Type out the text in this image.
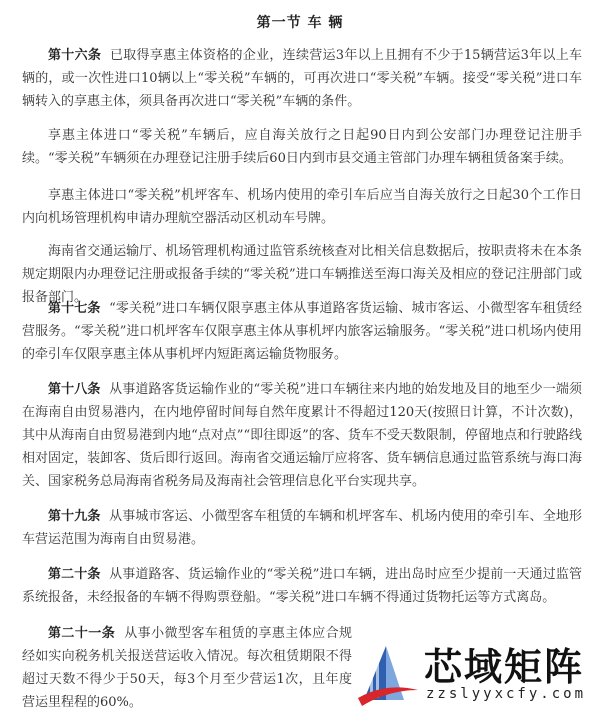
第一节 车 辆

第十六条 已取得享惠主体资格的企业，连续营运3年以上且拥有不少于15辆营运3年以上车辆的，或一次性进口10辆以上“零关税”车辆的，可再次进口“零关税”车辆。接受“零关税”进口车辆转入的享惠主体，须具备再次进口“零关税”车辆的条件。

享惠主体进口“零关税”车辆后，应自海关放行之日起90日内到公安部门办理登记注册手续。“零关税”车辆须在办理登记注册手续后60日内到市县交通主管部门办理车辆租赁备案手续。

享惠主体进口“零关税”机坪客车、机场内使用的牵引车后应当自海关放行之日起30个工作日内向机场管理机构申请办理航空器活动区机动车号牌。

海南省交通运输厅、机场管理机构通过监管系统核查对比相关信息数据后，按职责将未在本条规定期限内办理登记注册或报备手续的“零关税”进口车辆推送至海口海关及相应的登记注册部门或报备部门。

第十七条 “零关税”进口车辆仅限享惠主体从事道路客货运输、城市客运、小微型客车租赁经营服务。“零关税”进口机坪客车仅限享惠主体从事机坪内旅客运输服务。“零关税”进口机场内使用的牵引车仅限享惠主体从事机坪内短距离运输货物服务。

第十八条 从事道路客货运输作业的“零关税”进口车辆往来内地的始发地及目的地至少一端须在海南自由贸易港内，在内地停留时间每自然年度累计不得超过120天(按照日计算，不计次数)，其中从海南自由贸易港到内地“点对点”“即往即返”的客、货车不受天数限制，停留地点和行驶路线相对固定，装卸客、货后即行返回。海南省交通运输厅应将客、货车辆信息通过监管系统与海口海关、国家税务总局海南省税务局及海南社会管理信息化平台实现共享。

第十九条 从事城市客运、小微型客车租赁的车辆和机坪客车、机场内使用的牵引车、全地形车营运范围为海南自由贸易港。

第二十条 从事道路客、货运输作业的“零关税”进口车辆，进出岛时应至少提前一天通过监管系统报备，未经报备的车辆不得购票登船。“零关税”进口车辆不得通过货物托运等方式离岛。

第二十一条 从事小微型客车租赁的享惠主体应合规经如实向税务机关报送营运收入情况。每次租赁期限不得超过天数不得少于50天，每3个月至少营运1次，且年度营运里程程的60%。

芯域矩阵
zzslyyxcfy.com
